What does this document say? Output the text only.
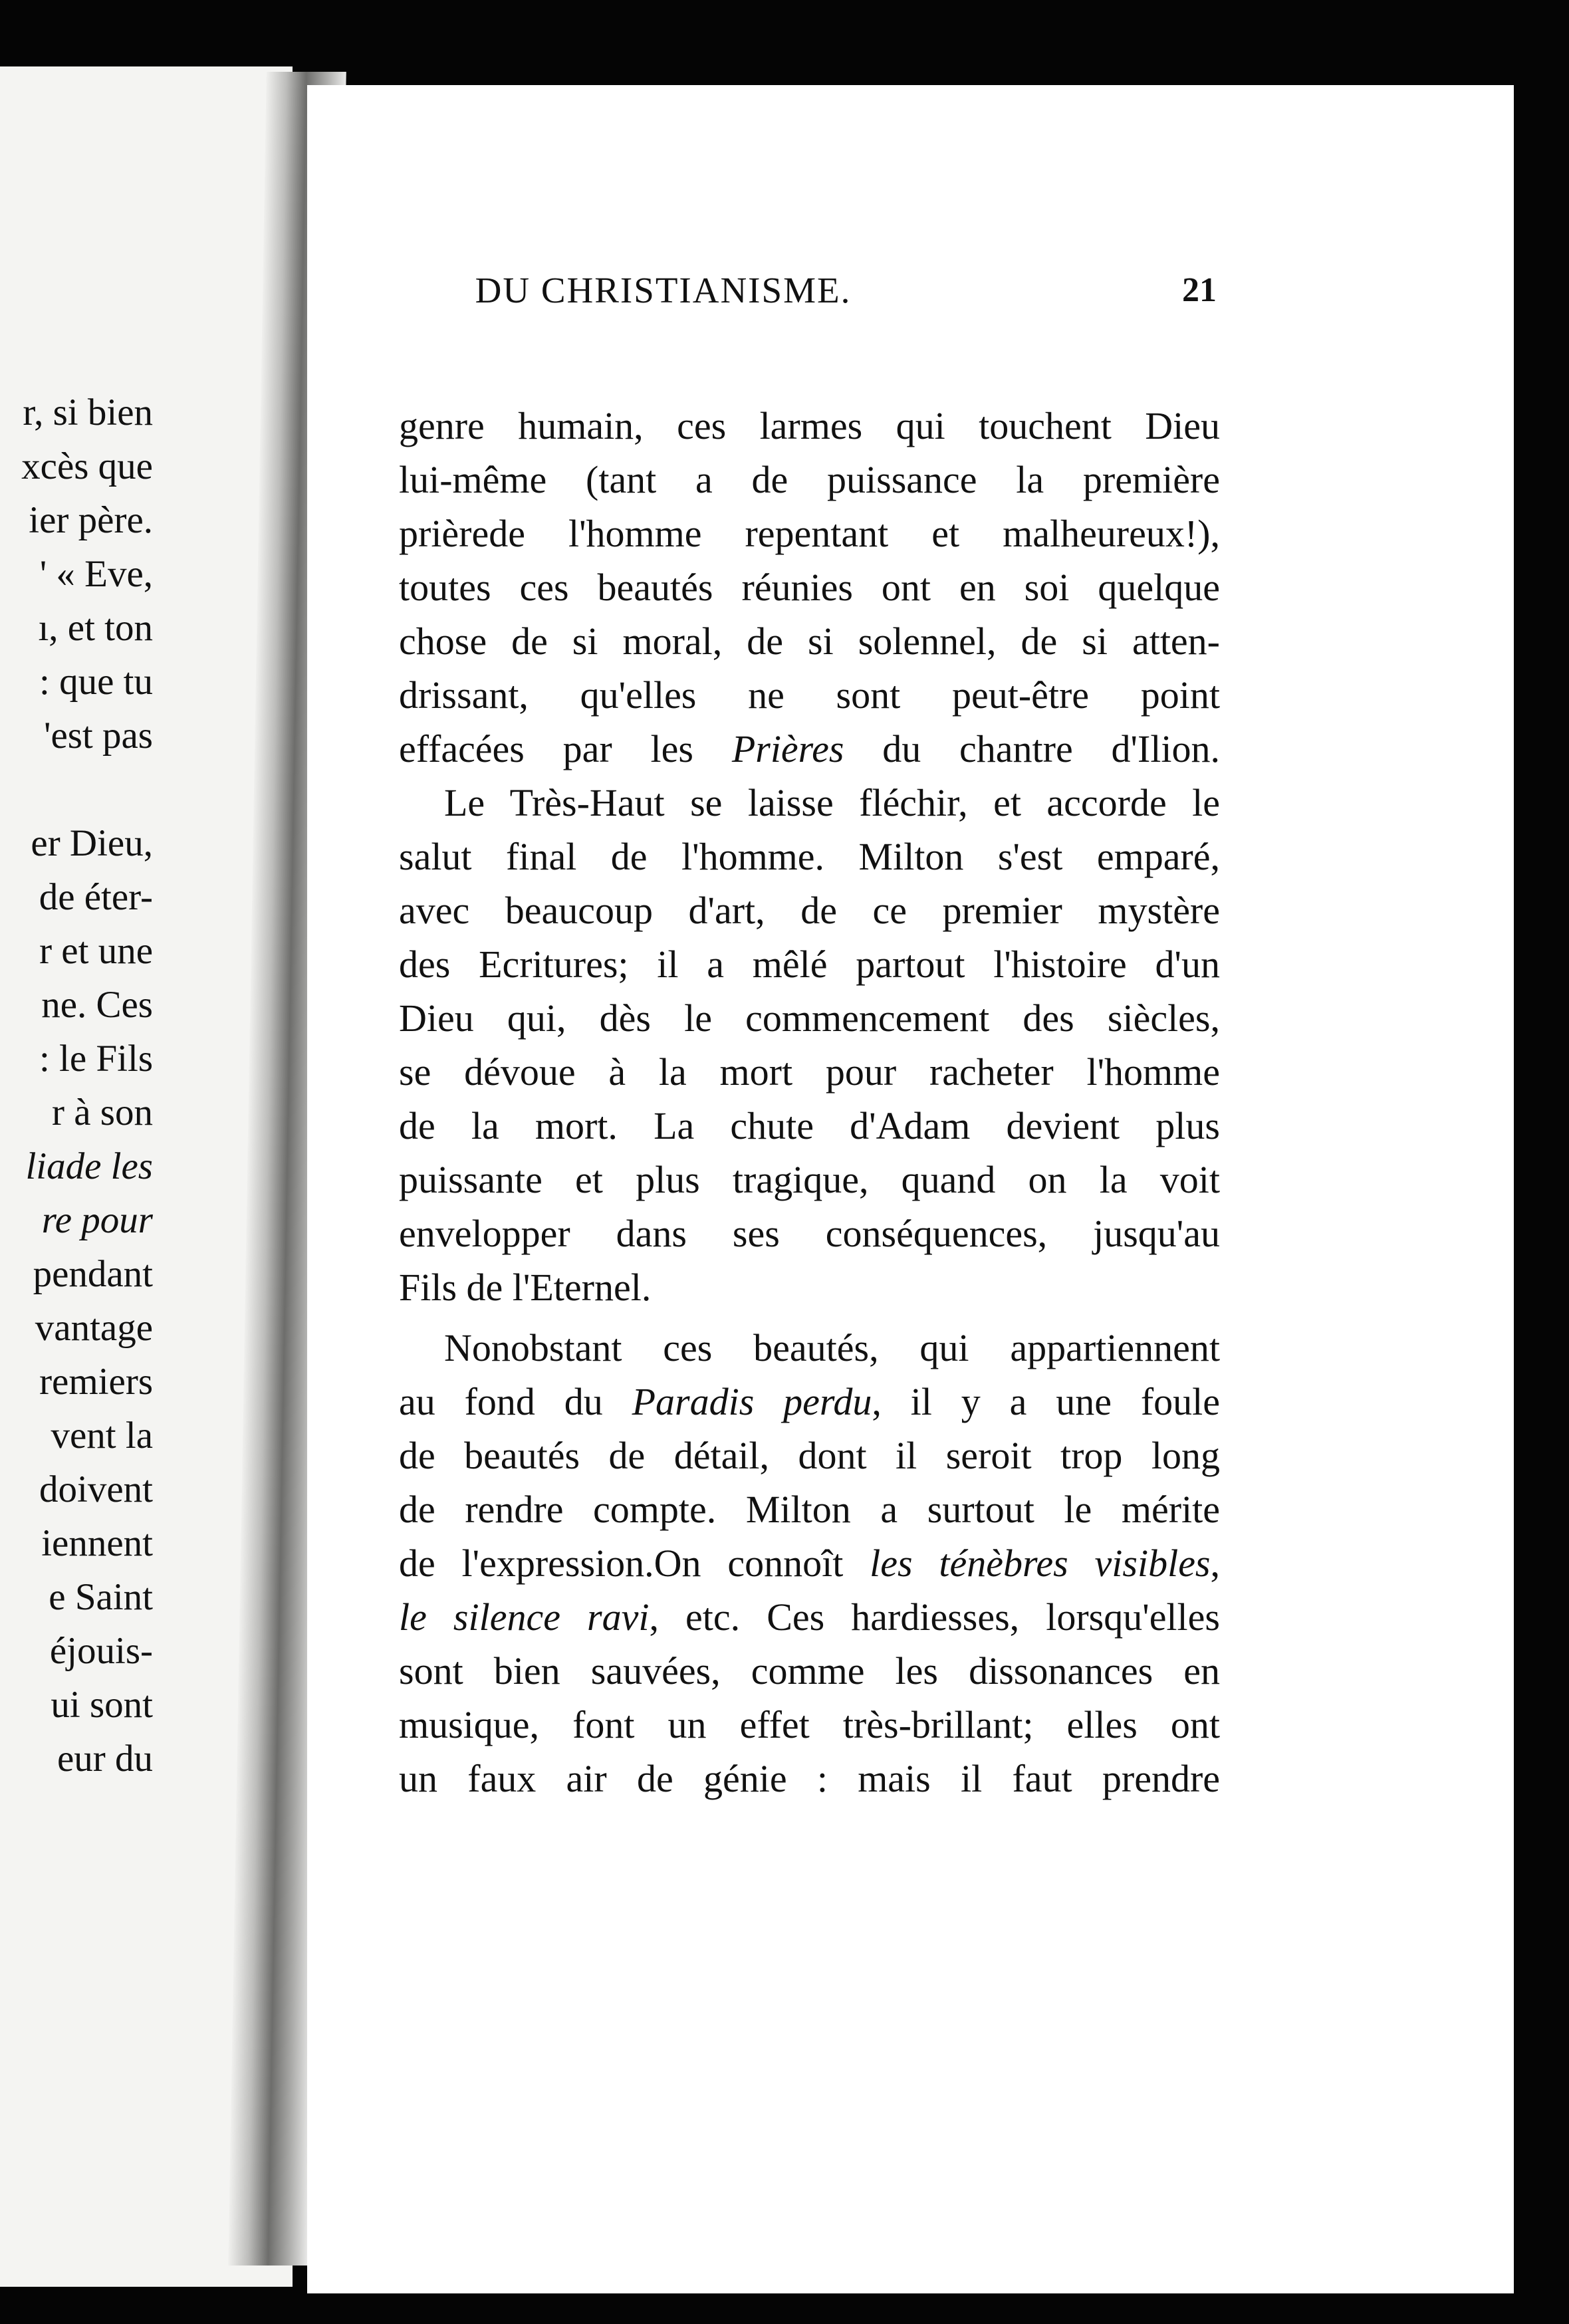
r, si bien
xcès que
ier père.
' « Eve,
ı, et ton
: que tu
'est pas
er Dieu,
de éter-
r et une
ne. Ces
: le Fils
r à son
liade les
re pour
pendant
vantage
remiers
vent la
doivent
iennent
e Saint
éjouis-
ui sont
eur du
DU CHRISTIANISME.	21
genre humain, ces larmes qui touchent Dieu
lui-même (tant a de puissance la première
prièrede l'homme repentant et malheureux!),
toutes ces beautés réunies ont en soi quelque
chose de si moral, de si solennel, de si atten-
drissant, qu'elles ne sont peut-être point
effacées par les Prières du chantre d'Ilion.
Le Très-Haut se laisse fléchir, et accorde le
salut final de l'homme. Milton s'est emparé,
avec beaucoup d'art, de ce premier mystère
des Ecritures; il a mêlé partout l'histoire d'un
Dieu qui, dès le commencement des siècles,
se dévoue à la mort pour racheter l'homme
de la mort. La chute d'Adam devient plus
puissante et plus tragique, quand on la voit
envelopper dans ses conséquences, jusqu'au
Fils de l'Eternel.
Nonobstant ces beautés, qui appartiennent
au fond du Paradis perdu, il y a une foule
de beautés de détail, dont il seroit trop long
de rendre compte. Milton a surtout le mérite
de l'expression.On connoît les ténèbres visibles,
le silence ravi, etc. Ces hardiesses, lorsqu'elles
sont bien sauvées, comme les dissonances en
musique, font un effet très-brillant; elles ont
un faux air de génie : mais il faut prendre
